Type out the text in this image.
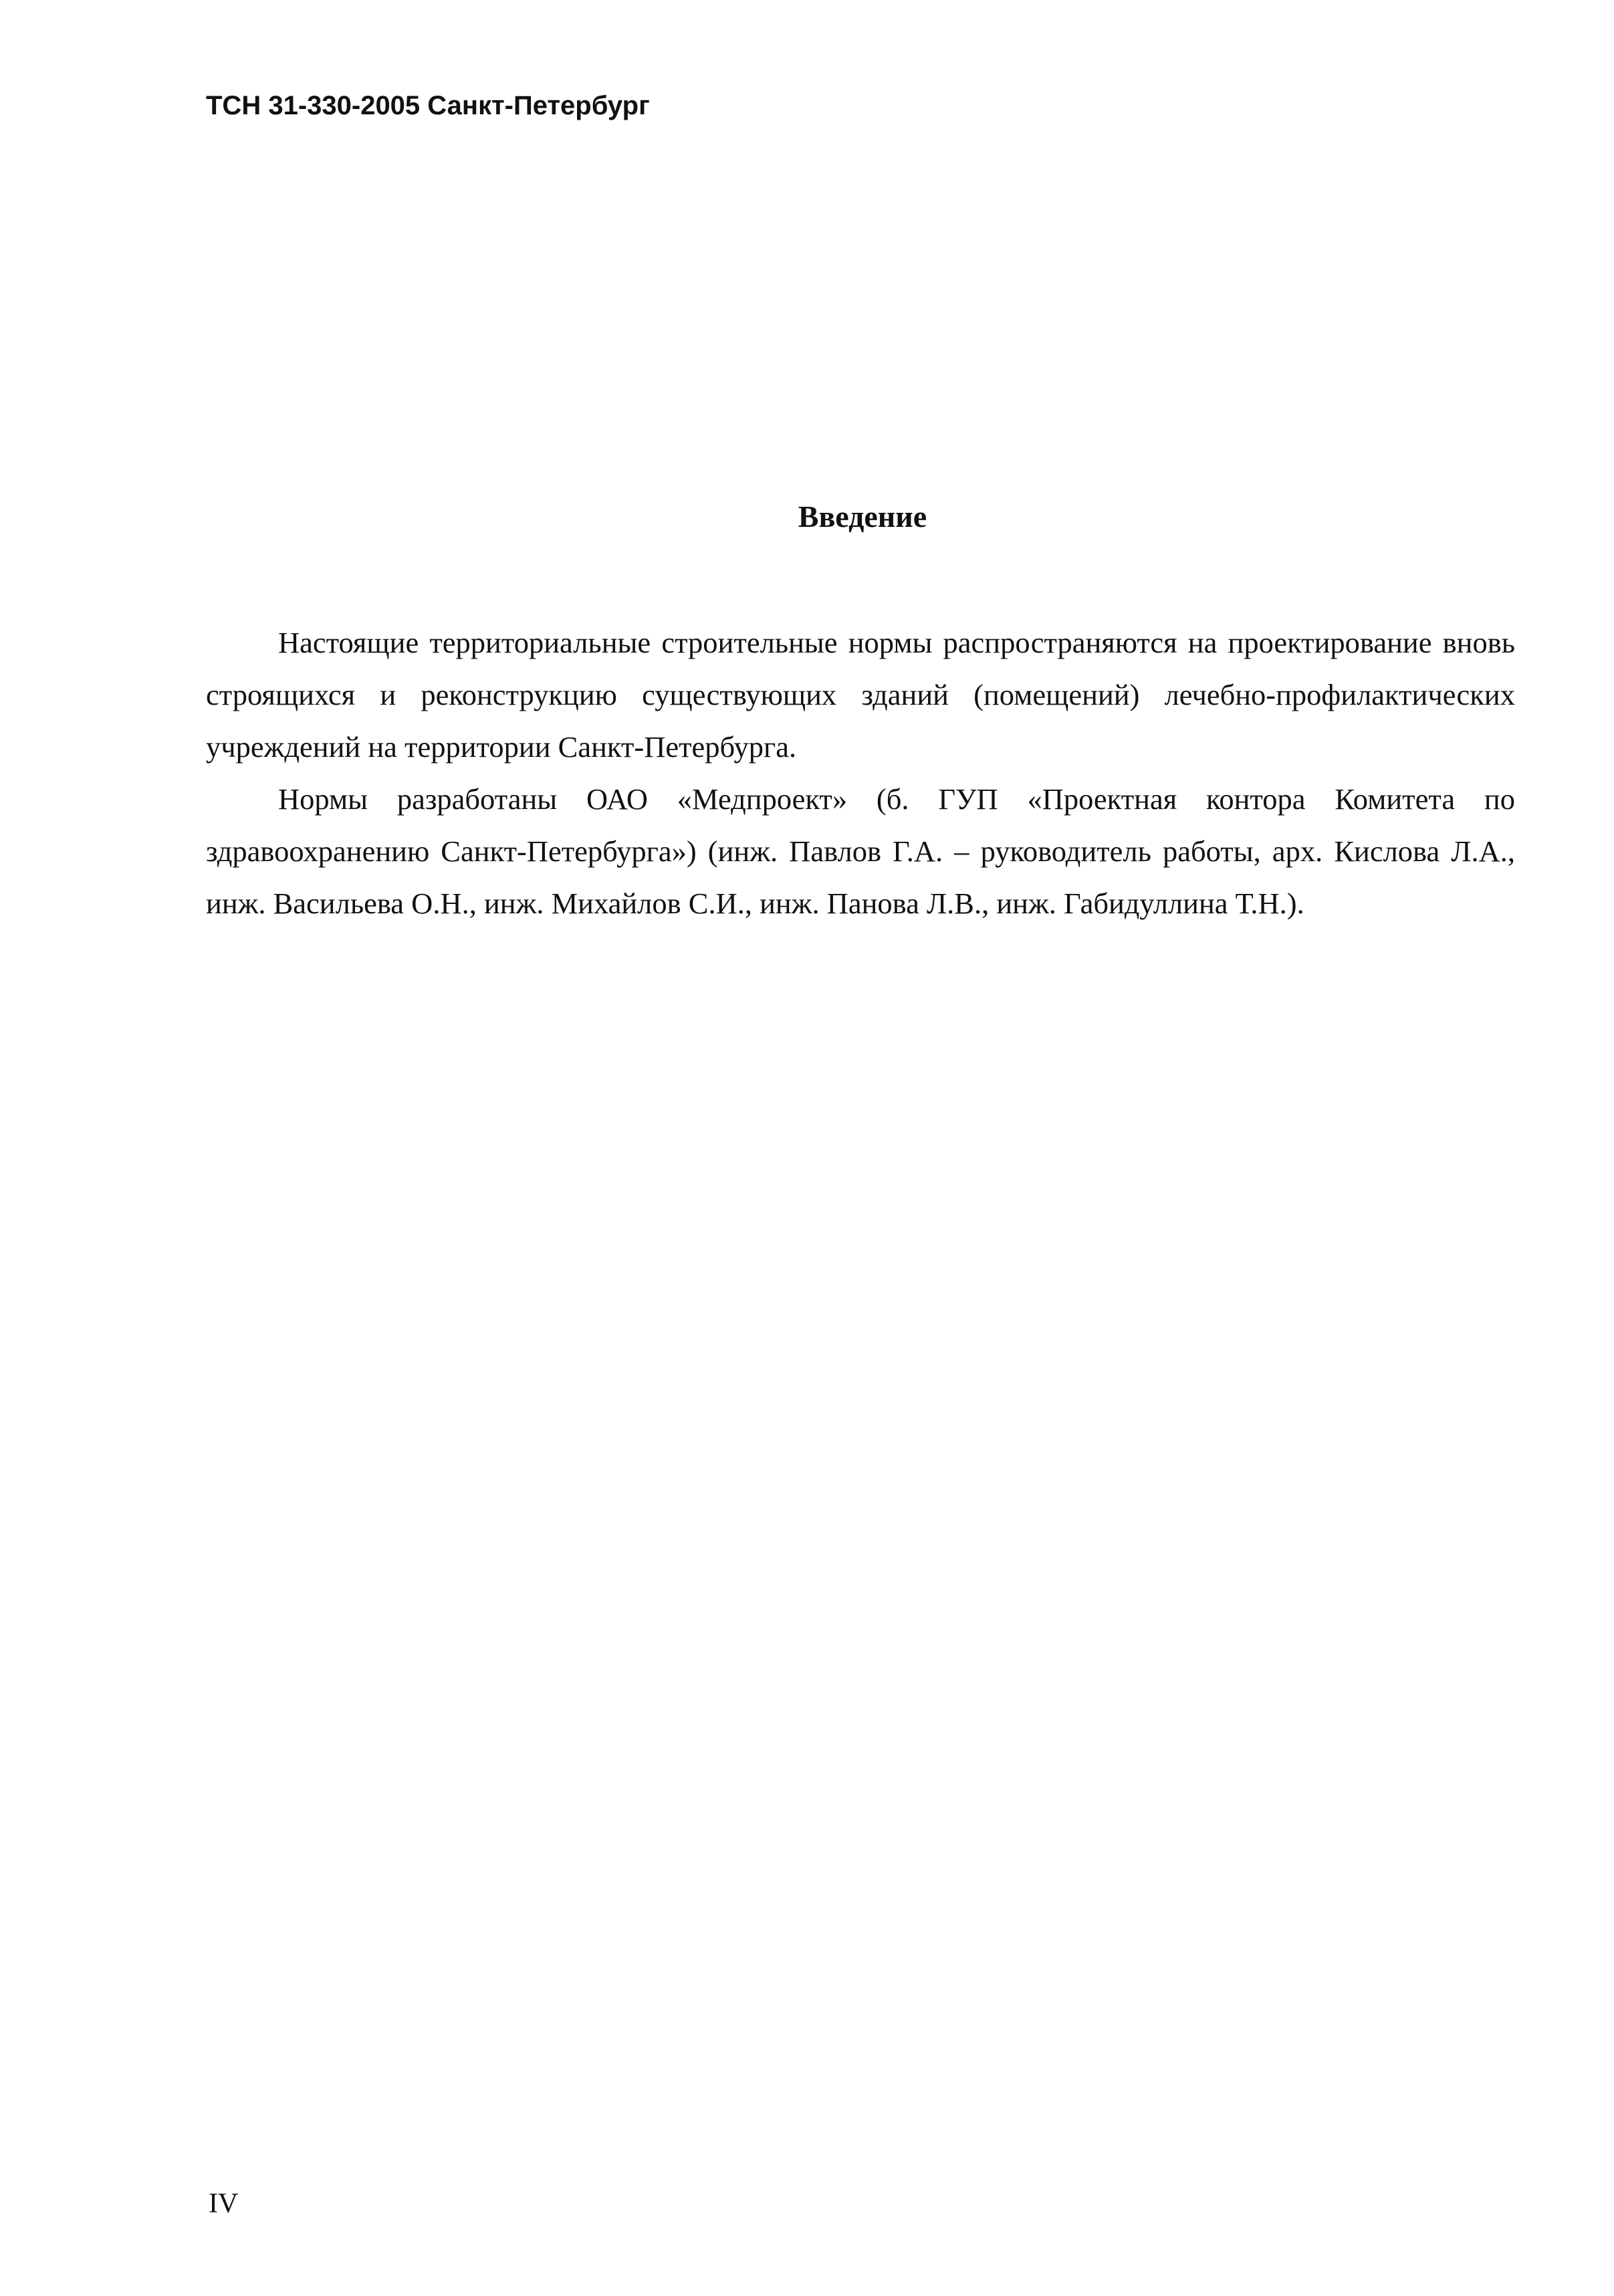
ТСН 31-330-2005 Санкт-Петербург
Введение

Настоящие территориальные строительные нормы распространяются на проектирование вновь строящихся и реконструкцию существующих зданий (помещений) лечебно-профилактических учреждений на территории Санкт-Петербурга.

Нормы разработаны ОАО «Медпроект» (б. ГУП «Проектная контора Комитета по здравоохранению Санкт-Петербурга») (инж. Павлов Г.А. – руководитель работы, арх. Кислова Л.А., инж. Васильева О.Н., инж. Михайлов С.И., инж. Панова Л.В., инж. Габидуллина Т.Н.).

IV
